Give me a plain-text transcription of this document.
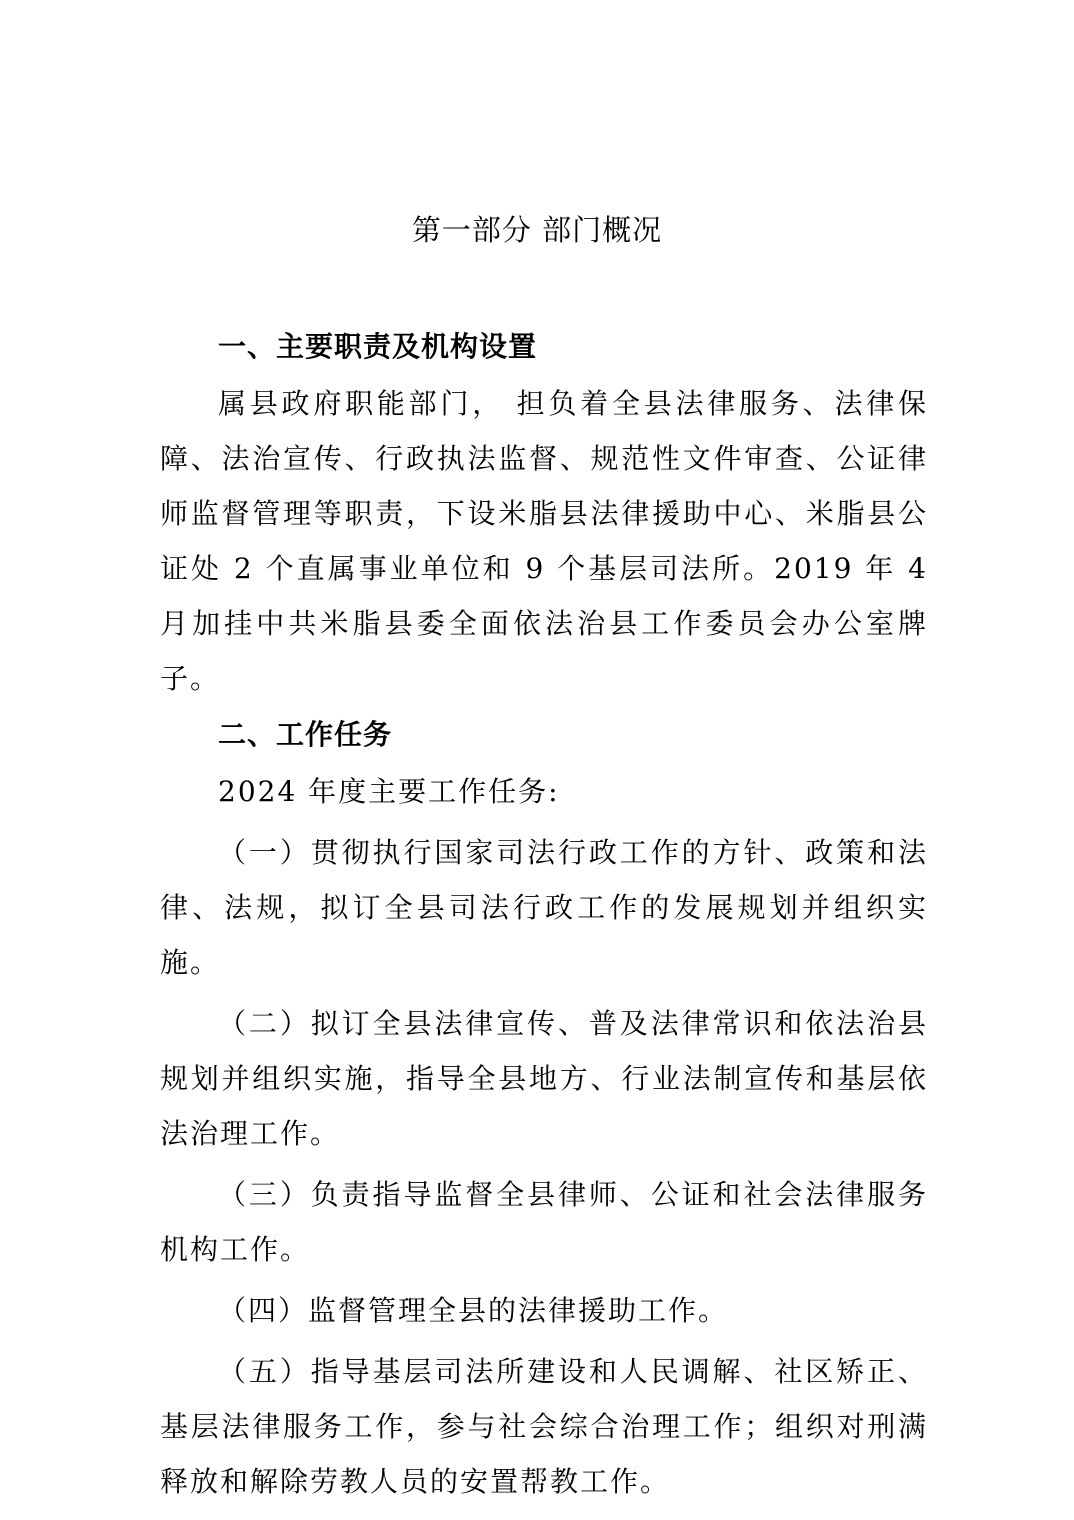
第一部分 部门概况
一、主要职责及机构设置

属县政府职能部门， 担负着全县法律服务、法律保障、法治宣传、行政执法监督、规范性文件审查、公证律师监督管理等职责，下设米脂县法律援助中心、米脂县公证处 2 个直属事业单位和 9 个基层司法所。2019 年 4 月加挂中共米脂县委全面依法治县工作委员会办公室牌子。

二、工作任务

2024 年度主要工作任务:

（一）贯彻执行国家司法行政工作的方针、政策和法律、法规，拟订全县司法行政工作的发展规划并组织实施。

（二）拟订全县法律宣传、普及法律常识和依法治县规划并组织实施，指导全县地方、行业法制宣传和基层依法治理工作。

（三）负责指导监督全县律师、公证和社会法律服务机构工作。

（四）监督管理全县的法律援助工作。

（五）指导基层司法所建设和人民调解、社区矫正、基层法律服务工作，参与社会综合治理工作；组织对刑满释放和解除劳教人员的安置帮教工作。
